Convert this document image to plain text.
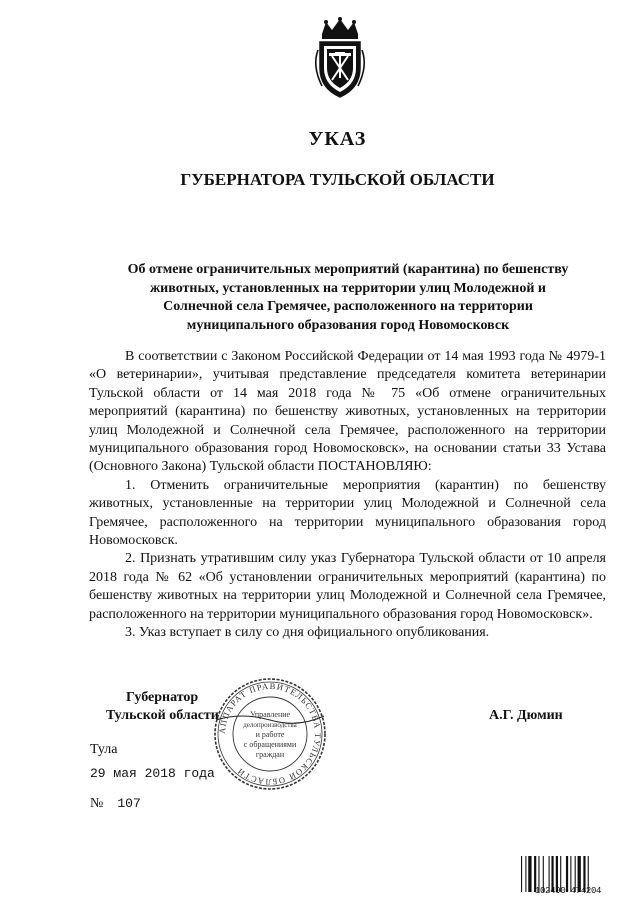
УКАЗ
ГУБЕРНАТОРА ТУЛЬСКОЙ ОБЛАСТИ
Об отмене ограничительных мероприятий (карантина) по бешенству
животных, установленных на территории улиц Молодежной и
Солнечной села Гремячее, расположенного на территории
муниципального образования город Новомосковск

В соответствии с Законом Российской Федерации от 14 мая 1993 года № 4979-1 «О ветеринарии», учитывая представление председателя комитета ветеринарии Тульской области от 14 мая 2018 года № 75 «Об отмене ограничительных мероприятий (карантина) по бешенству животных, установленных на территории улиц Молодежной и Солнечной села Гремячее, расположенного на территории муниципального образования город Новомосковск», на основании статьи 33 Устава (Основного Закона) Тульской области ПОСТАНОВЛЯЮ:

1. Отменить ограничительные мероприятия (карантин) по бешенству животных, установленные на территории улиц Молодежной и Солнечной села Гремячее, расположенного на территории муниципального образования город Новомосковск.

2. Признать утратившим силу указ Губернатора Тульской области от 10 апреля 2018 года № 62 «Об установлении ограничительных мероприятий (карантина) по бешенству животных на территории улиц Молодежной и Солнечной села Гремячее, расположенного на территории муниципального образования город Новомосковск».

3. Указ вступает в силу со дня официального опубликования.

Губернатор
Тульской области
АППАРАТ ПРАВИТЕЛЬСТВА ТУЛЬСКОЙ ОБЛАСТИ
Управление
делопроизводства
и работе
с обращениями
граждан
А.Г. Дюмин
Тула
29 мая 2018 года
№ 107
102490 474204
